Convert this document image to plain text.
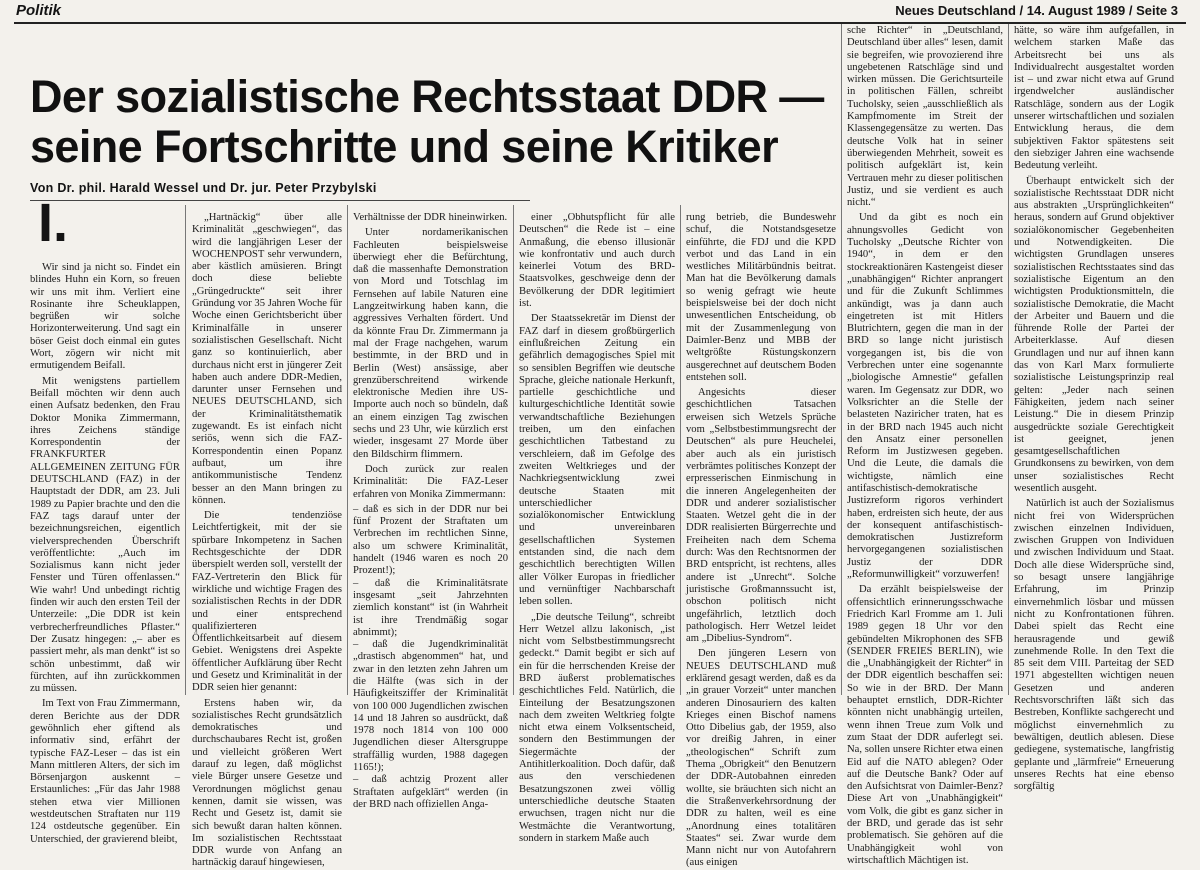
Politik	Neues Deutschland / 14. August 1989 / Seite 3
Der sozialistische Rechtsstaat DDR —
seine Fortschritte und seine Kritiker
Von Dr. phil. Harald Wessel und Dr. jur. Peter Przybylski
I.

Wir sind ja nicht so. Findet ein blindes Huhn ein Korn, so freuen wir uns mit ihm. Verliert eine Rosinante ihre Scheuklappen, begrüßen wir solche Horizonterweiterung. Und sagt ein böser Geist doch einmal ein gutes Wort, zögern wir nicht mit ermutigendem Beifall.

Mit wenigstens partiellem Beifall möchten wir denn auch einen Aufsatz bedenken, den Frau Doktor Monika Zimmermann, ihres Zeichens ständige Korrespondentin der FRANKFURTER ALLGEMEINEN ZEITUNG FÜR DEUTSCHLAND (FAZ) in der Hauptstadt der DDR, am 23. Juli 1989 zu Papier brachte und den die FAZ tags darauf unter der bezeichnungsreichen, eigentlich vielversprechenden Überschrift veröffentlichte: „Auch im Sozialismus kann nicht jeder Fenster und Türen offenlassen.“ Wie wahr! Und unbedingt richtig finden wir auch den ersten Teil der Unterzeile: „Die DDR ist kein verbrecherfreundliches Pflaster.“ Der Zusatz hingegen: „– aber es passiert mehr, als man denkt“ ist so schön unbestimmt, daß wir fürchten, auf ihn zurückkommen zu müssen.

Im Text von Frau Zimmermann, deren Berichte aus der DDR gewöhnlich eher giftend als informativ sind, erfährt der typische FAZ-Leser – das ist ein Mann mittleren Alters, der sich im Börsenjargon auskennt – Erstaunliches: „Für das Jahr 1988 stehen etwa vier Millionen westdeutschen Straftaten nur 119 124 ostdeutsche gegenüber. Ein Unterschied, der gravierend bleibt,

„Hartnäckig“ über alle Kriminalität „geschwiegen“, das wird die langjährigen Leser der WOCHENPOST sehr verwundern, aber kästlich amüsieren. Bringt doch diese beliebte „Grüngedruckte“ seit ihrer Gründung vor 35 Jahren Woche für Woche einen Gerichtsbericht über Kriminalfälle in unserer sozialistischen Gesellschaft. Nicht ganz so kontinuierlich, aber durchaus nicht erst in jüngerer Zeit haben auch andere DDR-Medien, darunter unser Fernsehen und NEUES DEUTSCHLAND, sich der Kriminalitätsthematik zugewandt. Es ist einfach nicht seriös, wenn sich die FAZ-Korrespondentin einen Popanz aufbaut, um ihre antikommunistische Tendenz besser an den Mann bringen zu können.

Die tendenziöse Leichtfertigkeit, mit der sie spürbare Inkompetenz in Sachen Rechtsgeschichte der DDR überspielt werden soll, verstellt der FAZ-Vertreterin den Blick für wirkliche und wichtige Fragen des sozialistischen Rechts in der DDR und einer entsprechend qualifizierteren Öffentlichkeitsarbeit auf diesem Gebiet. Wenigstens drei Aspekte öffentlicher Aufklärung über Recht und Gesetz und Kriminalität in der DDR seien hier genannt:

Erstens haben wir, da sozialistisches Recht grundsätzlich demokratisches und durchschaubares Recht ist, großen und vielleicht größeren Wert darauf zu legen, daß möglichst viele Bürger unsere Gesetze und Verordnungen möglichst genau kennen, damit sie wissen, was Recht und Gesetz ist, damit sie sich bewußt daran halten können. Im sozialistischen Rechtsstaat DDR wurde von Anfang an hartnäckig darauf hingewiesen,

Verhältnisse der DDR hineinwirken.

Unter nordamerikanischen Fachleuten beispielsweise überwiegt eher die Befürchtung, daß die massenhafte Demonstration von Mord und Totschlag im Fernsehen auf labile Naturen eine Langzeitwirkung haben kann, die aggressives Verhalten fördert. Und da könnte Frau Dr. Zimmermann ja mal der Frage nachgehen, warum bestimmte, in der BRD und in Berlin (West) ansässige, aber grenzüberschreitend wirkende elektronische Medien ihre US-Importe auch noch so bündeln, daß an einem einzigen Tag zwischen sechs und 23 Uhr, wie kürzlich erst wieder, insgesamt 27 Morde über den Bildschirm flimmern.

Doch zurück zur realen Kriminalität: Die FAZ-Leser erfahren von Monika Zimmermann:

– daß es sich in der DDR nur bei fünf Prozent der Straftaten um Verbrechen im rechtlichen Sinne, also um schwere Kriminalität, handelt (1946 waren es noch 20 Prozent!);
– daß die Kriminalitätsrate insgesamt „seit Jahrzehnten ziemlich konstant“ ist (in Wahrheit ist ihre Trendmäßig sogar abnimmt);
– daß die Jugendkriminalität „drastisch abgenommen“ hat, und zwar in den letzten zehn Jahren um die Hälfte (was sich in der Häufigkeitsziffer der Kriminalität von 100 000 Jugendlichen zwischen 14 und 18 Jahren so ausdrückt, daß 1978 noch 1814 von 100 000 Jugendlichen dieser Altersgruppe straffällig wurden, 1988 dagegen 1165!);
– daß achtzig Prozent aller Straftaten aufgeklärt“ werden (in der BRD nach offiziellen Anga-

einer „Obhutspflicht für alle Deutschen“ die Rede ist – eine Anmaßung, die ebenso illusionär wie konfrontativ und auch durch keinerlei Votum des BRD-Staatsvolkes, geschweige denn der Bevölkerung der DDR legitimiert ist.

Der Staatssekretär im Dienst der FAZ darf in diesem großbürgerlich einflußreichen Zeitung ein gefährlich demagogisches Spiel mit so sensiblen Begriffen wie deutsche Sprache, gleiche nationale Herkunft, partielle geschichtliche und kulturgeschichtliche Identität sowie verwandtschaftliche Beziehungen treiben, um den einfachen geschichtlichen Tatbestand zu verschleiern, daß im Gefolge des zweiten Weltkrieges und der Nachkriegsentwicklung zwei deutsche Staaten mit unterschiedlicher sozialökonomischer Entwicklung und unvereinbaren gesellschaftlichen Systemen entstanden sind, die nach dem geschichtlich berechtigten Willen aller Völker Europas in friedlicher und vernünftiger Nachbarschaft leben sollen.

„Die deutsche Teilung“, schreibt Herr Wetzel allzu lakonisch, „ist nicht vom Selbstbestimmungsrecht gedeckt.“ Damit begibt er sich auf ein für die herrschenden Kreise der BRD äußerst problematisches geschichtliches Feld. Natürlich, die Einteilung der Besatzungszonen nach dem zweiten Weltkrieg folgte nicht etwa einem Volksentscheid, sondern den Bestimmungen der Siegermächte der Antihitlerkoalition. Doch dafür, daß aus den verschiedenen Besatzungszonen zwei völlig unterschiedliche deutsche Staaten erwuchsen, tragen nicht nur die Westmächte die Verantwortung, sondern in starkem Maße auch

rung betrieb, die Bundeswehr schuf, die Notstandsgesetze einführte, die FDJ und die KPD verbot und das Land in ein westliches Militärbündnis beitrat. Man hat die Bevölkerung damals so wenig gefragt wie heute beispielsweise bei der doch nicht unwesentlichen Entscheidung, ob mit der Zusammenlegung von Daimler-Benz und MBB der weltgrößte Rüstungskonzern ausgerechnet auf deutschem Boden entstehen soll.

Angesichts dieser geschichtlichen Tatsachen erweisen sich Wetzels Sprüche vom „Selbstbestimmungsrecht der Deutschen“ als pure Heuchelei, aber auch als ein juristisch verbrämtes politisches Konzept der erpresserischen Einmischung in die inneren Angelegenheiten der DDR und anderer sozialistischer Staaten. Wetzel geht die in der DDR realisierten Bürgerrechte und Freiheiten nach dem Schema durch: Was den Rechtsnormen der BRD entspricht, ist rechtens, alles andere ist „Unrecht“. Solche juristische Großmannssucht ist, obschon politisch nicht ungefährlich, letztlich doch pathologisch. Herr Wetzel leidet am „Dibelius-Syndrom“.

Den jüngeren Lesern von NEUES DEUTSCHLAND muß erklärend gesagt werden, daß es da „in grauer Vorzeit“ unter manchen anderen Dinosauriern des kalten Krieges einen Bischof namens Otto Dibelius gab, der 1959, also vor dreißig Jahren, in einer „theologischen“ Schrift zum Thema „Obrigkeit“ den Benutzern der DDR-Autobahnen einreden wollte, sie bräuchten sich nicht an die Straßenverkehrsordnung der DDR zu halten, weil es eine „Anordnung eines totalitären Staates“ sei. Zwar wurde dem Mann nicht nur von Autofahrern (aus einigen

sche Richter“ in „Deutschland, Deutschland über alles“ lesen, damit sie begreifen, wie provozierend ihre ungebetenen Ratschläge sind und wirken müssen. Die Gerichtsurteile in politischen Fällen, schreibt Tucholsky, seien „ausschließlich als Kampfmomente im Streit der Klassengegensätze zu werten. Das deutsche Volk hat in seiner überwiegenden Mehrheit, soweit es politisch aufgeklärt ist, kein Vertrauen mehr zu dieser politischen Justiz, und sie verdient es auch nicht.“

Und da gibt es noch ein ahnungsvolles Gedicht von Tucholsky „Deutsche Richter von 1940“, in dem er den stockreaktionären Kastengeist dieser „unabhängigen“ Richter anprangert und für die Zukunft Schlimmes ankündigt, was ja dann auch eingetreten ist mit Hitlers Blutrichtern, gegen die man in der BRD so lange nicht juristisch vorgegangen ist, bis die von Verbrechen unter eine sogenannte „biologische Amnestie“ gefallen waren. Im Gegensatz zur DDR, wo Volksrichter an die Stelle der belasteten Naziricher traten, hat es in der BRD nach 1945 auch nicht den Ansatz einer personellen Reform im Justizwesen gegeben. Und die Leute, die damals die wichtigste, nämlich eine antifaschistisch-demokratische Justizreform rigoros verhindert haben, erdreisten sich heute, der aus der konsequent antifaschistisch-demokratischen Justizreform hervorgegangenen sozialistischen Justiz der DDR „Reformunwilligkeit“ vorzuwerfen!

Da erzählt beispielsweise der offensichtlich erinnerungsschwache Friedrich Karl Fromme am 1. Juli 1989 gegen 18 Uhr vor den gebündelten Mikrophonen des SFB (SENDER FREIES BERLIN), wie die „Unabhängigkeit der Richter“ in der DDR eigentlich beschaffen sei: So wie in der BRD. Der Mann behauptet ernstlich, DDR-Richter könnten nicht unabhängig urteilen, wenn ihnen Treue zum Volk und zum Staat der DDR auferlegt sei. Na, sollen unsere Richter etwa einen Eid auf die NATO ablegen? Oder auf die Deutsche Bank? Oder auf den Aufsichtsrat von Daimler-Benz? Diese Art von „Unabhängigkeit“ vom Volk, die gibt es ganz sicher in der BRD, und gerade das ist sehr problematisch. Sie gehören auf die Unabhängigkeit wohl von wirtschaftlich Mächtigen ist.

hätte, so wäre ihm aufgefallen, in welchem starken Maße das Arbeitsrecht bei uns als Individualrecht ausgestaltet worden ist – und zwar nicht etwa auf Grund irgendwelcher ausländischer Ratschläge, sondern aus der Logik unserer wirtschaftlichen und sozialen Entwicklung heraus, die dem subjektiven Faktor spätestens seit den siebziger Jahren eine wachsende Bedeutung verleiht.

Überhaupt entwickelt sich der sozialistische Rechtsstaat DDR nicht aus abstrakten „Ursprünglichkeiten“ heraus, sondern auf Grund objektiver sozialökonomischer Gegebenheiten und Notwendigkeiten. Die wichtigsten Grundlagen unseres sozialistischen Rechtsstaates sind das sozialistische Eigentum an den wichtigsten Produktionsmitteln, die sozialistische Demokratie, die Macht der Arbeiter und Bauern und die führende Rolle der Partei der Arbeiterklasse. Auf diesen Grundlagen und nur auf ihnen kann das von Karl Marx formulierte sozialistische Leistungsprinzip real gelten: „Jeder nach seinen Fähigkeiten, jedem nach seiner Leistung.“ Die in diesem Prinzip ausgedrückte soziale Gerechtigkeit ist geeignet, jenen gesamtgesellschaftlichen Grundkonsens zu bewirken, von dem unser sozialistisches Recht wesentlich ausgeht.

Natürlich ist auch der Sozialismus nicht frei von Widersprüchen zwischen einzelnen Individuen, zwischen Gruppen von Individuen und zwischen Individuum und Staat. Doch alle diese Widersprüche sind, so besagt unsere langjährige Erfahrung, im Prinzip einvernehmlich lösbar und müssen nicht zu Konfrontationen führen. Dabei spielt das Recht eine herausragende und gewiß zunehmende Rolle. In den Text die 85 seit dem VIII. Parteitag der SED 1971 abgestellten wichtigen neuen Gesetzen und anderen Rechtsvorschriften läßt sich das Bestreben, Konflikte sachgerecht und möglichst einvernehmlich zu bewältigen, deutlich ablesen. Diese gediegene, systematische, langfristig geplante und „lärmfreie“ Erneuerung unseres Rechts hat eine ebenso sorgfältig
